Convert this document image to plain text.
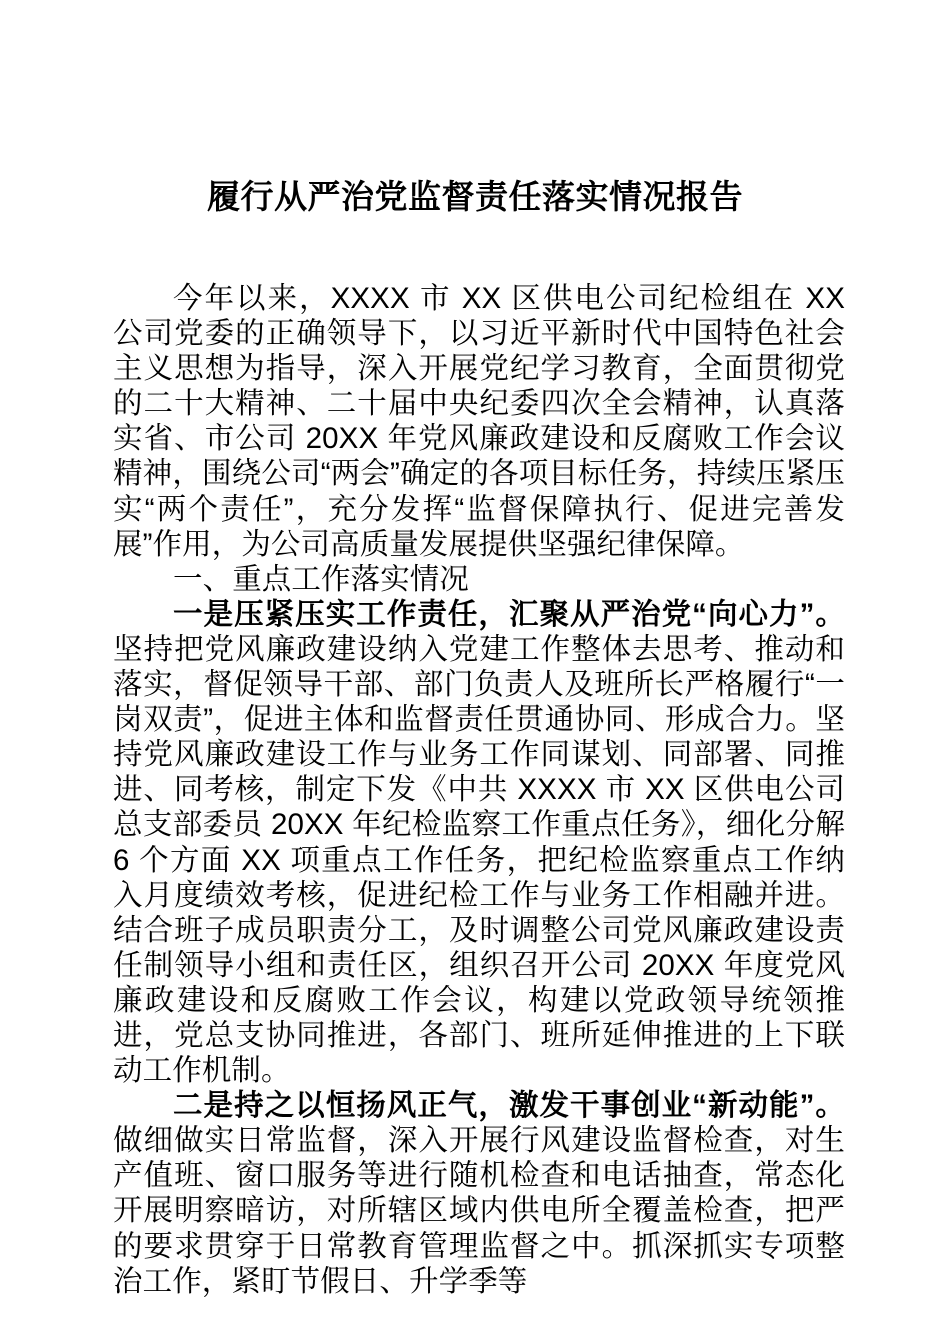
履行从严治党监督责任落实情况报告

今年以来，XXXX 市 XX 区供电公司纪检组在 XX 公司党委的正确领导下，以习近平新时代中国特色社会主义思想为指导，深入开展党纪学习教育，全面贯彻党的二十大精神、二十届中央纪委四次全会精神，认真落实省、市公司 20XX 年党风廉政建设和反腐败工作会议精神，围绕公司“两会”确定的各项目标任务，持续压紧压实“两个责任”，充分发挥“监督保障执行、促进完善发展”作用，为公司高质量发展提供坚强纪律保障。

一、重点工作落实情况

一是压紧压实工作责任，汇聚从严治党“向心力”。坚持把党风廉政建设纳入党建工作整体去思考、推动和落实，督促领导干部、部门负责人及班所长严格履行“一岗双责”，促进主体和监督责任贯通协同、形成合力。坚持党风廉政建设工作与业务工作同谋划、同部署、同推进、同考核，制定下发《中共 XXXX 市 XX 区供电公司总支部委员 20XX 年纪检监察工作重点任务》，细化分解 6 个方面 XX 项重点工作任务，把纪检监察重点工作纳入月度绩效考核，促进纪检工作与业务工作相融并进。结合班子成员职责分工，及时调整公司党风廉政建设责任制领导小组和责任区，组织召开公司 20XX 年度党风廉政建设和反腐败工作会议，构建以党政领导统领推进，党总支协同推进，各部门、班所延伸推进的上下联动工作机制。

二是持之以恒扬风正气，激发干事创业“新动能”。做细做实日常监督，深入开展行风建设监督检查，对生产值班、窗口服务等进行随机检查和电话抽查，常态化开展明察暗访，对所辖区域内供电所全覆盖检查，把严的要求贯穿于日常教育管理监督之中。抓深抓实专项整治工作，紧盯节假日、升学季等
